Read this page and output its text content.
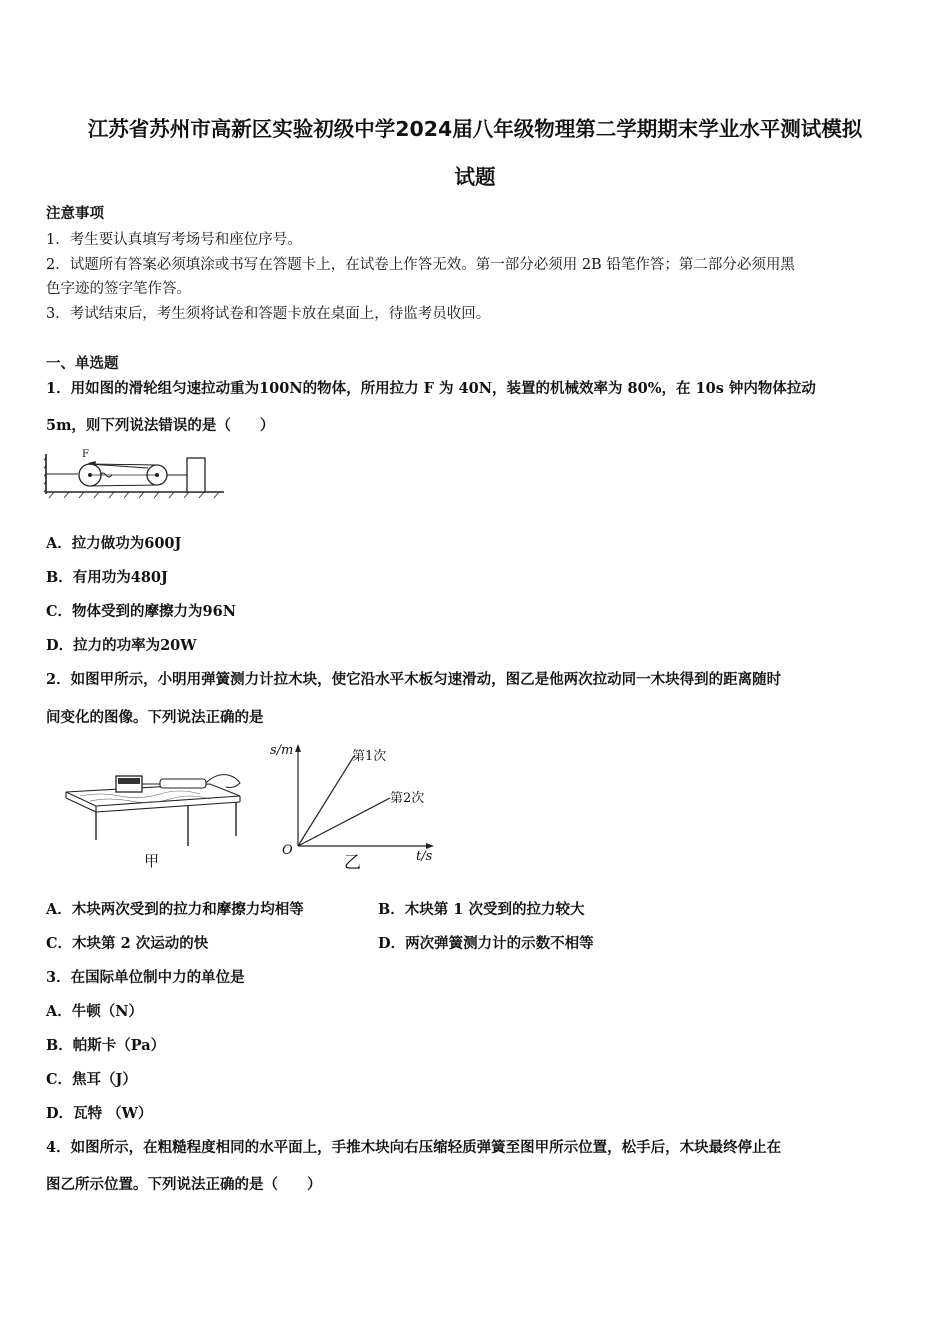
江苏省苏州市高新区实验初级中学2024届八年级物理第二学期期末学业水平测试模拟
试题
注意事项
1．考生要认真填写考场号和座位序号。
2．试题所有答案必须填涂或书写在答题卡上，在试卷上作答无效。第一部分必须用 2B 铅笔作答；第二部分必须用黑
色字迹的签字笔作答。
3．考试结束后，考生须将试卷和答题卡放在桌面上，待监考员收回。
一、单选题
1．用如图的滑轮组匀速拉动重为100N的物体，所用拉力 F 为 40N，装置的机械效率为 80%，在 10s 钟内物体拉动
5m，则下列说法错误的是（　　）
F
A．拉力做功为600J
B．有用功为480J
C．物体受到的摩擦力为96N
D．拉力的功率为20W
2．如图甲所示，小明用弹簧测力计拉木块，使它沿水平木板匀速滑动，图乙是他两次拉动同一木块得到的距离随时
间变化的图像。下列说法正确的是
甲
s/m
t/s
O
第1次
第2次
乙
A．木块两次受到的拉力和摩擦力均相等	B．木块第 1 次受到的拉力较大
C．木块第 2 次运动的快	D．两次弹簧测力计的示数不相等
3．在国际单位制中力的单位是
A．牛顿（N）
B．帕斯卡（Pa）
C．焦耳（J）
D．瓦特 （W）
4．如图所示，在粗糙程度相同的水平面上，手推木块向右压缩轻质弹簧至图甲所示位置，松手后，木块最终停止在
图乙所示位置。下列说法正确的是（　　）
